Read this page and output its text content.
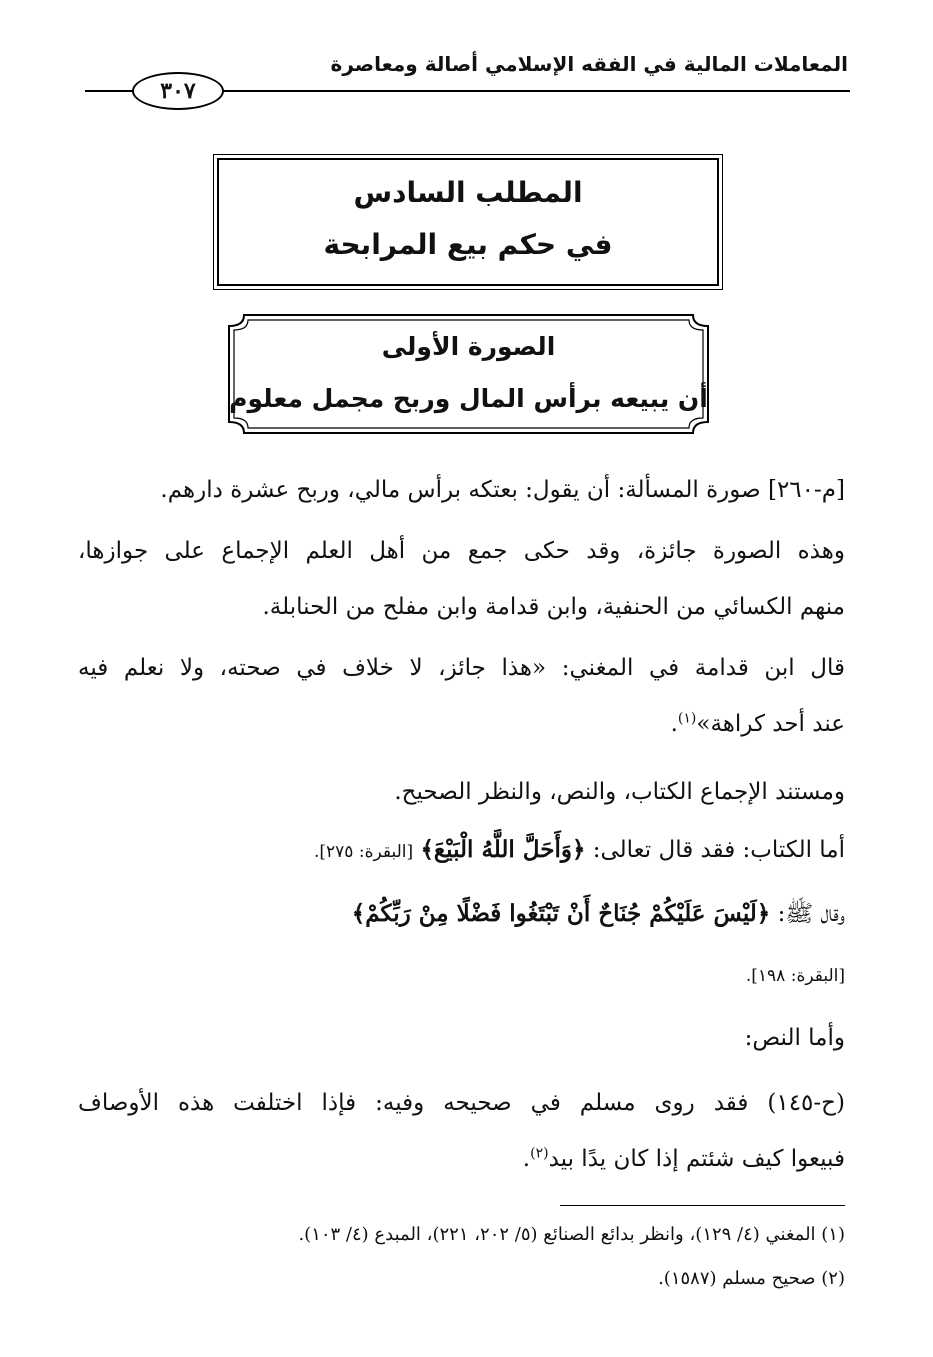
المعاملات المالية في الفقه الإسلامي أصالة ومعاصرة
٣٠٧
المطلب السادس
في حكم بيع المرابحة
الصورة الأولى
أن يبيعه برأس المال وربح مجمل معلوم
[م-٢٦٠] صورة المسألة: أن يقول: بعتكه برأس مالي، وربح عشرة دارهم.
وهذه الصورة جائزة، وقد حكى جمع من أهل العلم الإجماع على جوازها،
منهم الكسائي من الحنفية، وابن قدامة وابن مفلح من الحنابلة.
قال ابن قدامة في المغني: «هذا جائز، لا خلاف في صحته، ولا نعلم فيه
عند أحد كراهة»$^{(١)}$.
ومستند الإجماع الكتاب، والنص، والنظر الصحيح.
أما الكتاب: فقد قال تعالى: ﴿وَأَحَلَّ اللَّهُ الْبَيْعَ﴾ [البقرة: ٢٧٥].
وقال ﷺ: ﴿لَيْسَ عَلَيْكُمْ جُنَاحٌ أَنْ تَبْتَغُوا فَضْلًا مِنْ رَبِّكُمْ﴾
[البقرة: ١٩٨].
وأما النص:
(ح-١٤٥) فقد روى مسلم في صحيحه وفيه: فإذا اختلفت هذه الأوصاف
فبيعوا كيف شئتم إذا كان يدًا بيد$^{(٢)}$.
(١) المغني (٤/ ١٢٩)، وانظر بدائع الصنائع (٥/ ٢٠٢، ٢٢١)، المبدع (٤/ ١٠٣).
(٢) صحيح مسلم (١٥٨٧).
